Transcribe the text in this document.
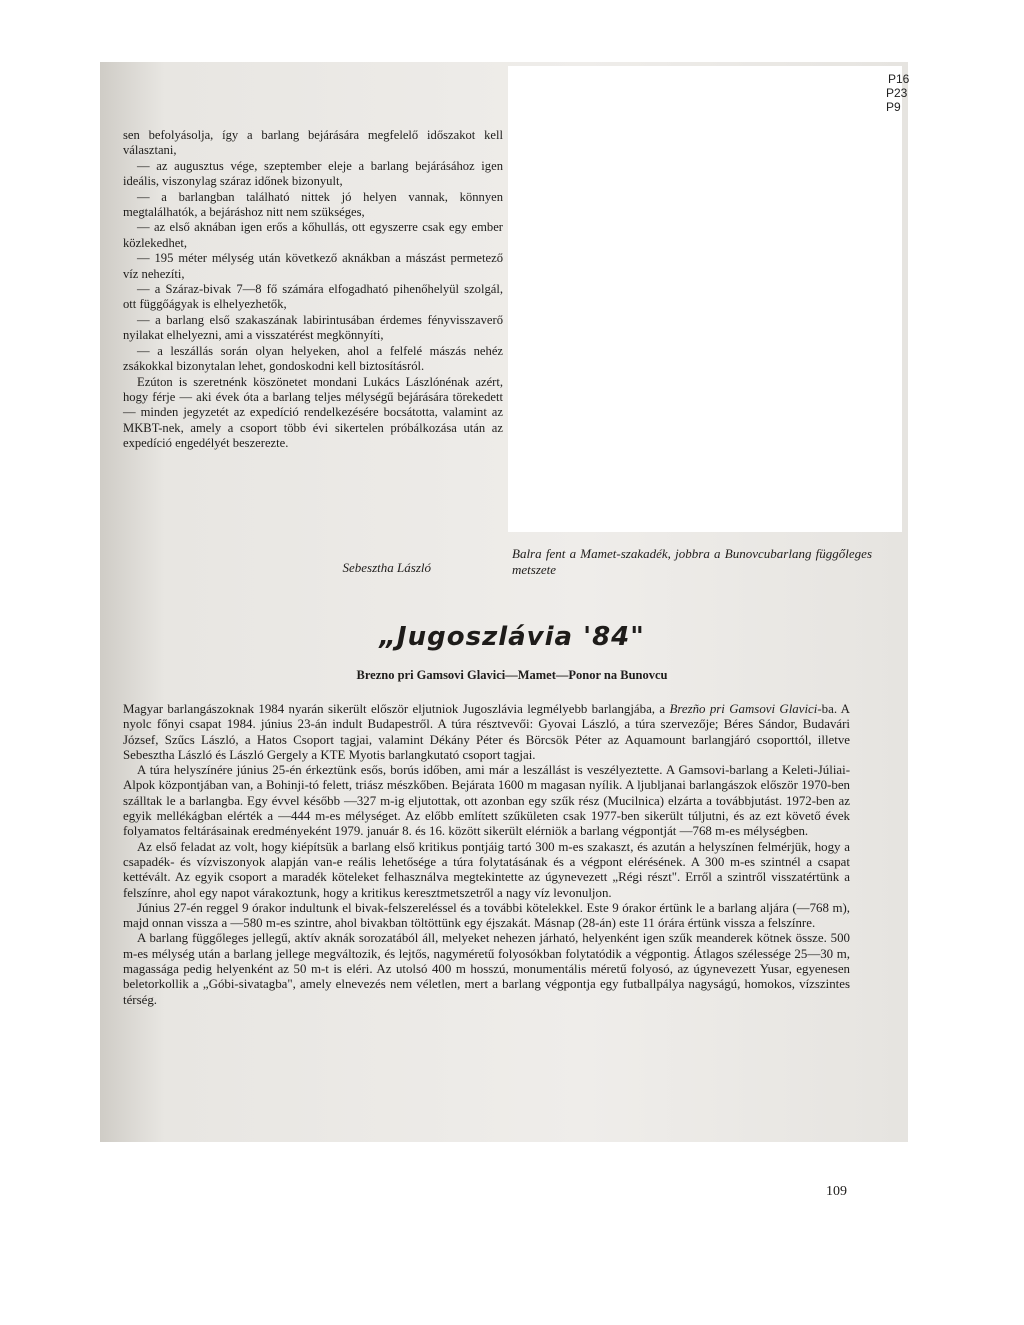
P16
P23
P9

sen befolyásolja, így a barlang bejárására megfelelő időszakot kell választani,

— az augusztus vége, szeptember eleje a barlang bejárásához igen ideális, viszonylag száraz időnek bizonyult,

— a barlangban található nittek jó helyen vannak, könnyen megtalálhatók, a bejáráshoz nitt nem szükséges,

— az első aknában igen erős a kőhullás, ott egyszerre csak egy ember közlekedhet,

— 195 méter mélység után következő aknákban a mászást permetező víz nehezíti,

— a Száraz-bivak 7—8 fő számára elfogadható pihenőhelyül szolgál, ott függőágyak is elhelyezhetők,

— a barlang első szakaszának labirintusában érdemes fényvisszaverő nyilakat elhelyezni, ami a visszatérést megkönnyíti,

— a leszállás során olyan helyeken, ahol a felfelé mászás nehéz zsákokkal bizonytalan lehet, gondoskodni kell biztosításról.

Ezúton is szeretnénk köszönetet mondani Lukács Lászlónénak azért, hogy férje — aki évek óta a barlang teljes mélységű bejárására törekedett — minden jegyzetét az expedíció rendelkezésére bocsátotta, valamint az MKBT-nek, amely a csoport több évi sikertelen próbálkozása után az expedíció engedélyét beszerezte.

Sebesztha László
Balra fent a Mamet-szakadék, jobbra a Bunovcubarlang függőleges metszete
„Jugoszlávia '84"
Brezno pri Gamsovi Glavici—Mamet—Ponor na Bunovcu

Magyar barlangászoknak 1984 nyarán sikerült először eljutniok Jugoszlávia legmélyebb barlangjába, a Brezño pri Gamsovi Glavici-ba. A nyolc főnyi csapat 1984. június 23-án indult Budapestről. A túra résztvevői: Gyovai László, a túra szervezője; Béres Sándor, Budavári József, Szűcs László, a Hatos Csoport tagjai, valamint Dékány Péter és Börcsök Péter az Aquamount barlangjáró csoporttól, illetve Sebesztha László és László Gergely a KTE Myotis barlangkutató csoport tagjai.

A túra helyszínére június 25-én érkeztünk esős, borús időben, ami már a leszállást is veszélyeztette. A Gamsovi-barlang a Keleti-Júliai-Alpok központjában van, a Bohinji-tó felett, triász mészkőben. Bejárata 1600 m magasan nyílik. A ljubljanai barlangászok először 1970-ben szálltak le a barlangba. Egy évvel később —327 m-ig eljutottak, ott azonban egy szűk rész (Mucilnica) elzárta a továbbjutást. 1972-ben az egyik mellékágban elérték a —444 m-es mélységet. Az előbb említett szűkületen csak 1977-ben sikerült túljutni, és az ezt követő évek folyamatos feltárásainak eredményeként 1979. január 8. és 16. között sikerült elérniök a barlang végpontját —768 m-es mélységben.

Az első feladat az volt, hogy kiépítsük a barlang első kritikus pontjáig tartó 300 m-es szakaszt, és azután a helyszínen felmérjük, hogy a csapadék- és vízviszonyok alapján van-e reális lehetősége a túra folytatásának és a végpont elérésének. A 300 m-es szintnél a csapat kettévált. Az egyik csoport a maradék köteleket felhasználva megtekintette az úgynevezett „Régi részt". Erről a szintről visszatértünk a felszínre, ahol egy napot várakoztunk, hogy a kritikus keresztmetszetről a nagy víz levonuljon.

Június 27-én reggel 9 órakor indultunk el bivak-felszereléssel és a további kötelekkel. Este 9 órakor értünk le a barlang aljára (—768 m), majd onnan vissza a —580 m-es szintre, ahol bivakban töltöttünk egy éjszakát. Másnap (28-án) este 11 órára értünk vissza a felszínre.

A barlang függőleges jellegű, aktív aknák sorozatából áll, melyeket nehezen járható, helyenként igen szűk meanderek kötnek össze. 500 m-es mélység után a barlang jellege megváltozik, és lejtős, nagyméretű folyosókban folytatódik a végpontig. Átlagos szélessége 25—30 m, magassága pedig helyenként az 50 m-t is eléri. Az utolsó 400 m hosszú, monumentális méretű folyosó, az úgynevezett Yusar, egyenesen beletorkollik a „Góbi-sivatagba", amely elnevezés nem véletlen, mert a barlang végpontja egy futballpálya nagyságú, homokos, vízszintes térség.

109
